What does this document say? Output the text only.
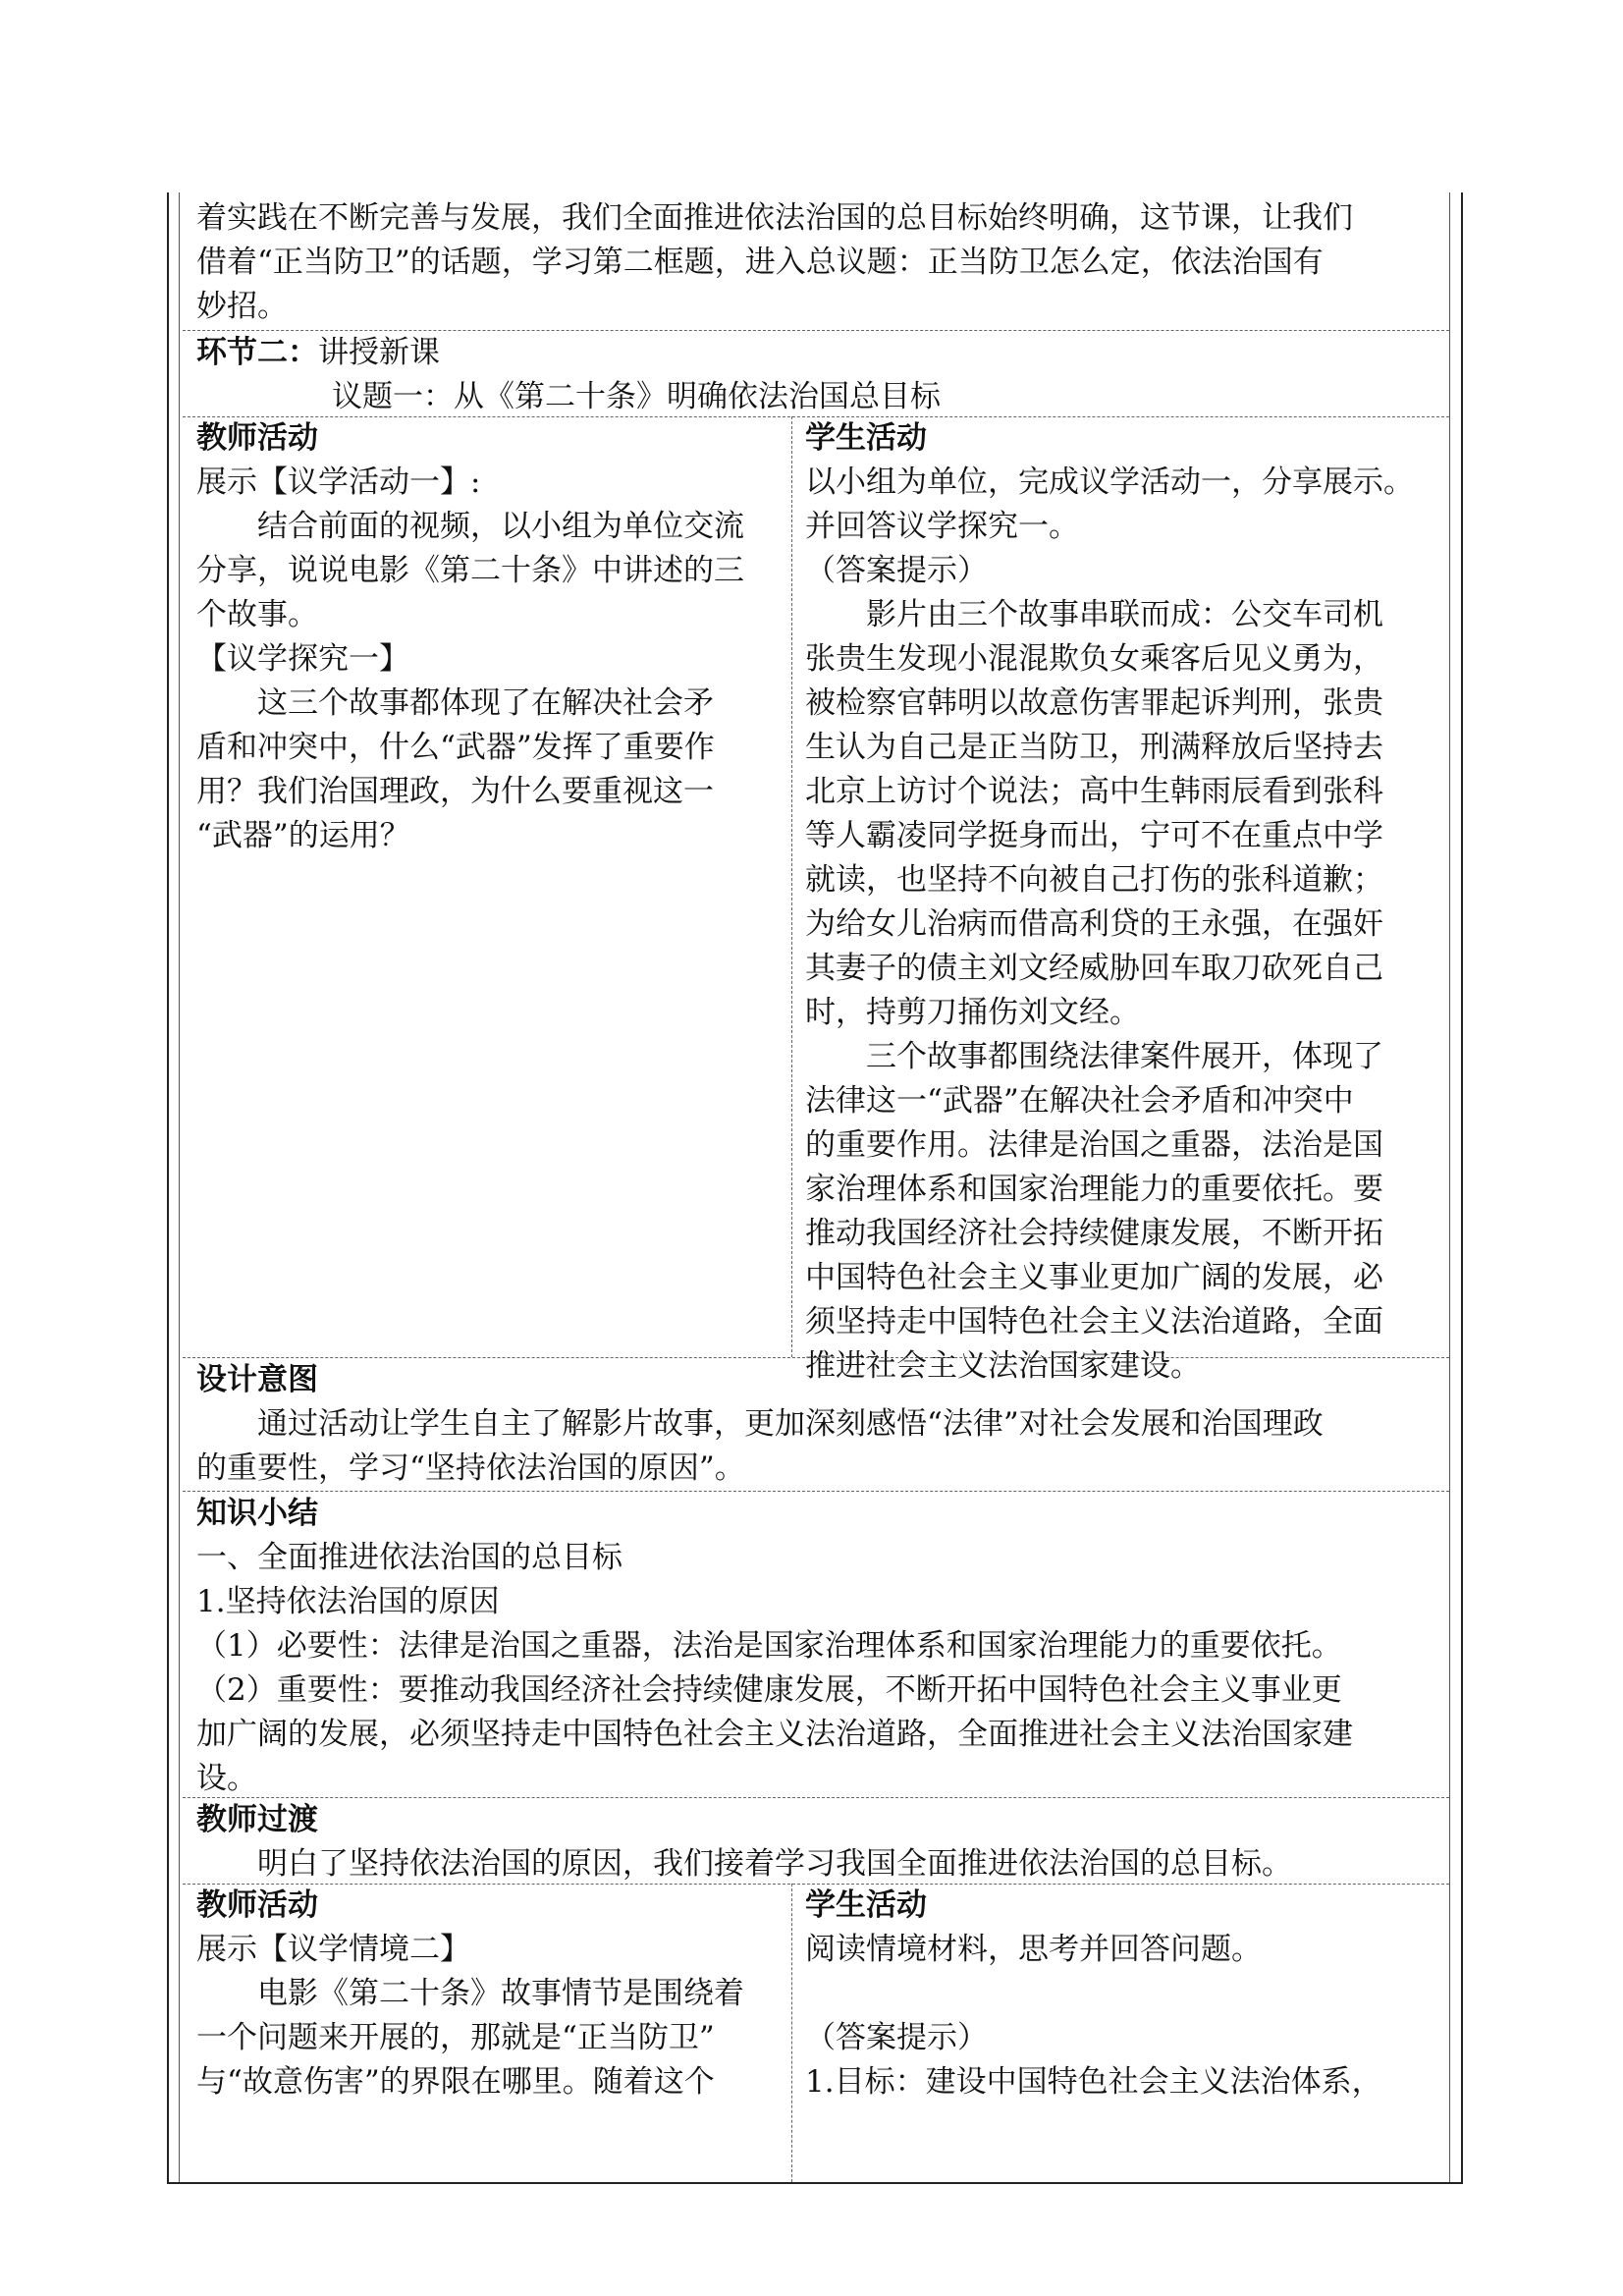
着实践在不断完善与发展，我们全面推进依法治国的总目标始终明确，这节课，让我们

借着“正当防卫”的话题，学习第二框题，进入总议题：正当防卫怎么定，依法治国有

妙招。

环节二：讲授新课

议题一：从《第二十条》明确依法治国总目标

教师活动

展示【议学活动一】:

结合前面的视频，以小组为单位交流

分享，说说电影《第二十条》中讲述的三

个故事。

【议学探究一】

这三个故事都体现了在解决社会矛

盾和冲突中，什么“武器”发挥了重要作

用？我们治国理政，为什么要重视这一

“武器”的运用？

学生活动

以小组为单位，完成议学活动一，分享展示。

并回答议学探究一。

（答案提示）

影片由三个故事串联而成：公交车司机

张贵生发现小混混欺负女乘客后见义勇为，

被检察官韩明以故意伤害罪起诉判刑，张贵

生认为自己是正当防卫，刑满释放后坚持去

北京上访讨个说法；高中生韩雨辰看到张科

等人霸凌同学挺身而出，宁可不在重点中学

就读，也坚持不向被自己打伤的张科道歉；

为给女儿治病而借高利贷的王永强，在强奸

其妻子的债主刘文经威胁回车取刀砍死自己

时，持剪刀捅伤刘文经。

三个故事都围绕法律案件展开，体现了

法律这一“武器”在解决社会矛盾和冲突中

的重要作用。法律是治国之重器，法治是国

家治理体系和国家治理能力的重要依托。要

推动我国经济社会持续健康发展，不断开拓

中国特色社会主义事业更加广阔的发展，必

须坚持走中国特色社会主义法治道路，全面

推进社会主义法治国家建设。

设计意图

通过活动让学生自主了解影片故事，更加深刻感悟“法律”对社会发展和治国理政

的重要性，学习“坚持依法治国的原因”。

知识小结

一、全面推进依法治国的总目标

1.坚持依法治国的原因

（1）必要性：法律是治国之重器，法治是国家治理体系和国家治理能力的重要依托。

（2）重要性：要推动我国经济社会持续健康发展，不断开拓中国特色社会主义事业更

加广阔的发展，必须坚持走中国特色社会主义法治道路，全面推进社会主义法治国家建

设。

教师过渡

明白了坚持依法治国的原因，我们接着学习我国全面推进依法治国的总目标。

教师活动

展示【议学情境二】

电影《第二十条》故事情节是围绕着

一个问题来开展的，那就是“正当防卫”

与“故意伤害”的界限在哪里。随着这个

学生活动

阅读情境材料，思考并回答问题。

（答案提示）

1.目标：建设中国特色社会主义法治体系，
